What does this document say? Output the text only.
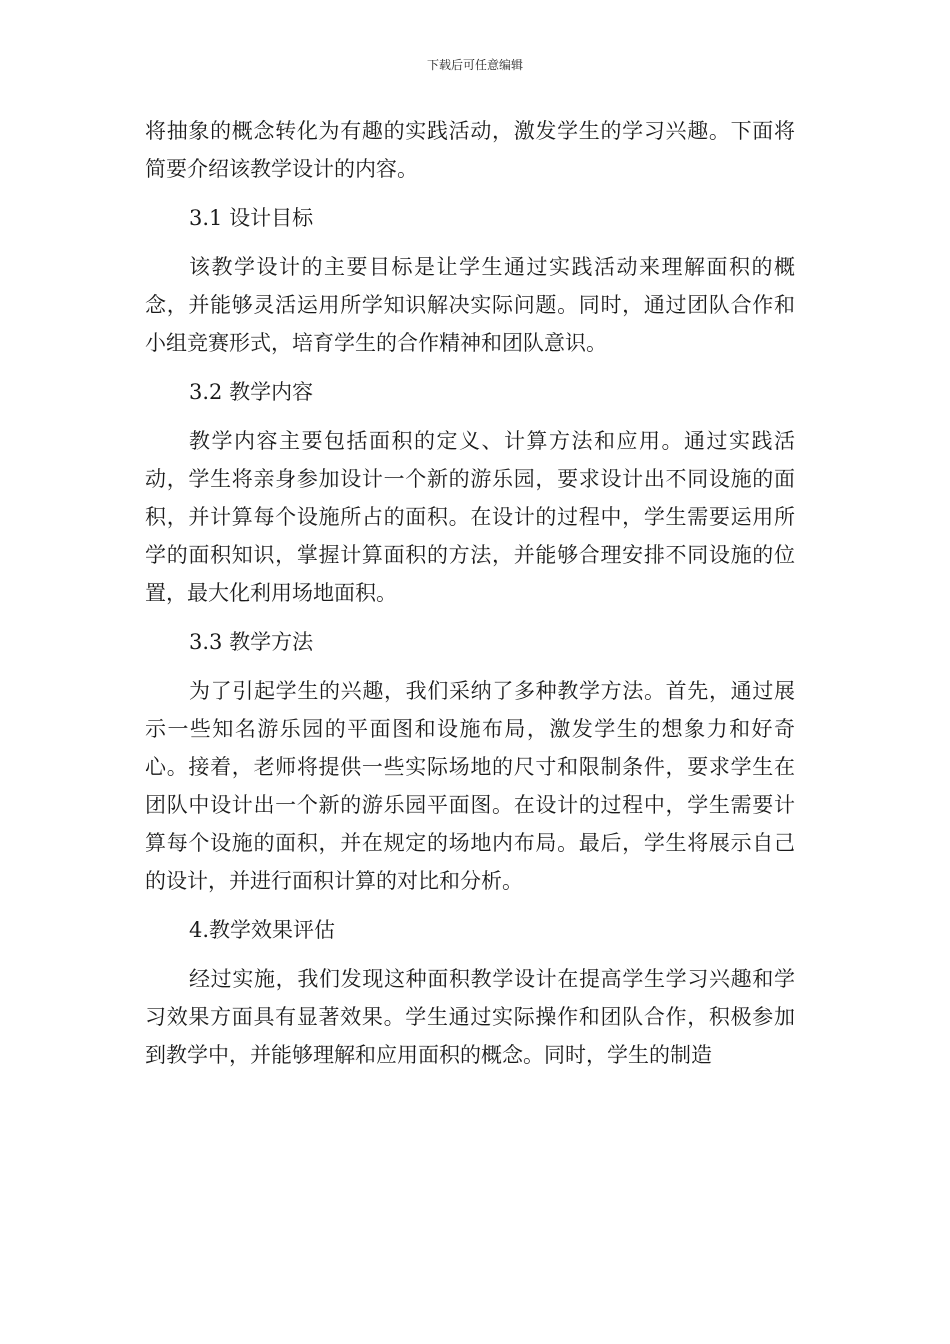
下载后可任意编辑

将抽象的概念转化为有趣的实践活动，激发学生的学习兴趣。下面将简要介绍该教学设计的内容。

3.1 设计目标

该教学设计的主要目标是让学生通过实践活动来理解面积的概念，并能够灵活运用所学知识解决实际问题。同时，通过团队合作和小组竞赛形式，培育学生的合作精神和团队意识。

3.2 教学内容

教学内容主要包括面积的定义、计算方法和应用。通过实践活动，学生将亲身参加设计一个新的游乐园，要求设计出不同设施的面积，并计算每个设施所占的面积。在设计的过程中，学生需要运用所学的面积知识，掌握计算面积的方法，并能够合理安排不同设施的位置，最大化利用场地面积。

3.3 教学方法

为了引起学生的兴趣，我们采纳了多种教学方法。首先，通过展示一些知名游乐园的平面图和设施布局，激发学生的想象力和好奇心。接着，老师将提供一些实际场地的尺寸和限制条件，要求学生在团队中设计出一个新的游乐园平面图。在设计的过程中，学生需要计算每个设施的面积，并在规定的场地内布局。最后，学生将展示自己的设计，并进行面积计算的对比和分析。

4.教学效果评估

经过实施，我们发现这种面积教学设计在提高学生学习兴趣和学习效果方面具有显著效果。学生通过实际操作和团队合作，积极参加到教学中，并能够理解和应用面积的概念。同时，学生的制造
